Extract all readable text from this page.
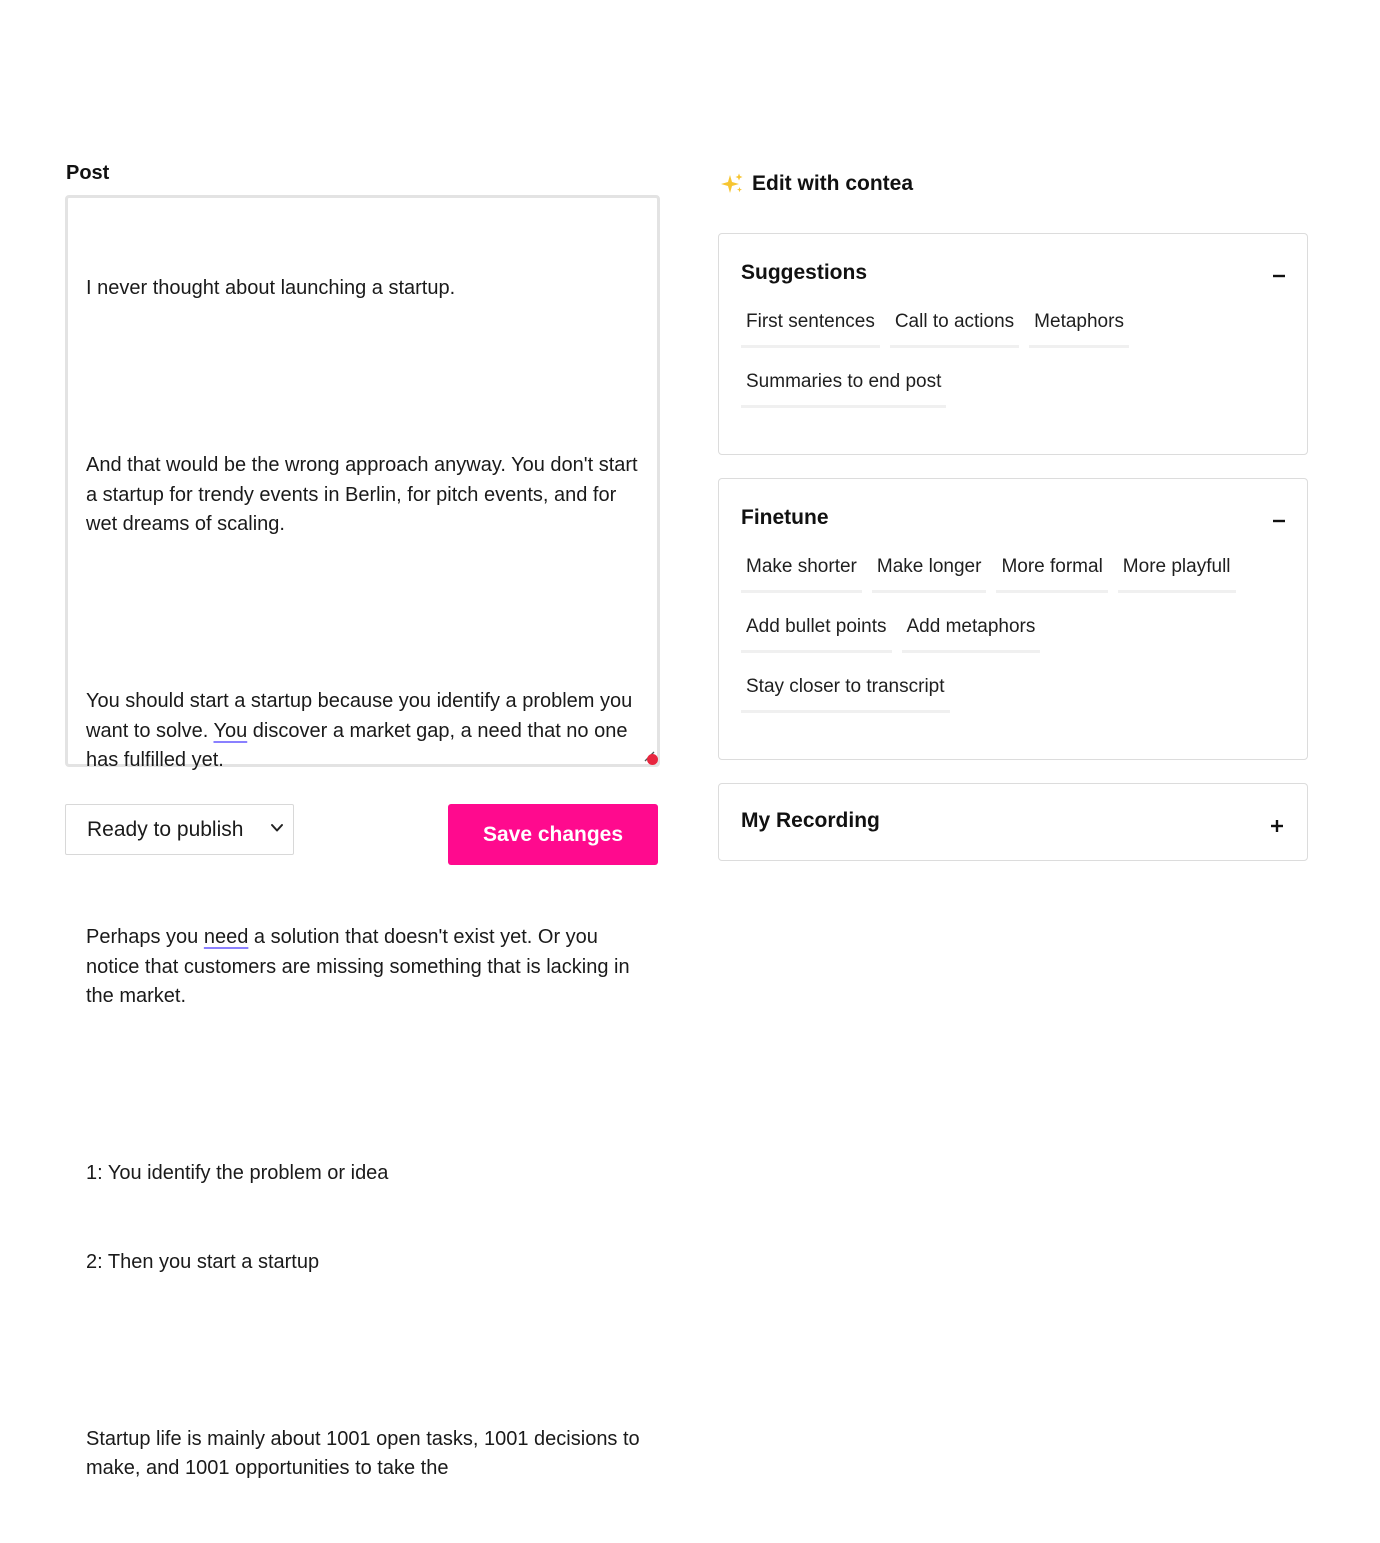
Post

I never thought about launching a startup.

And that would be the wrong approach anyway. You don't start a startup for trendy events in Berlin, for pitch events, and for wet dreams of scaling.

You should start a startup because you identify a problem you want to solve. You discover a market gap, a need that no one has fulfilled yet.

Perhaps you need a solution that doesn't exist yet. Or you notice that customers are missing something that is lacking in the market.

1: You identify the problem or idea

2: Then you start a startup

Startup life is mainly about 1001 open tasks, 1001 decisions to make, and 1001 opportunities to take the

Ready to publish	Save changes
Edit with contea
Suggestions
First sentences Call to actions Metaphors
Summaries to end post
Finetune
Make shorter Make longer More formal More playfull
Add bullet points Add metaphors
Stay closer to transcript
My Recording
